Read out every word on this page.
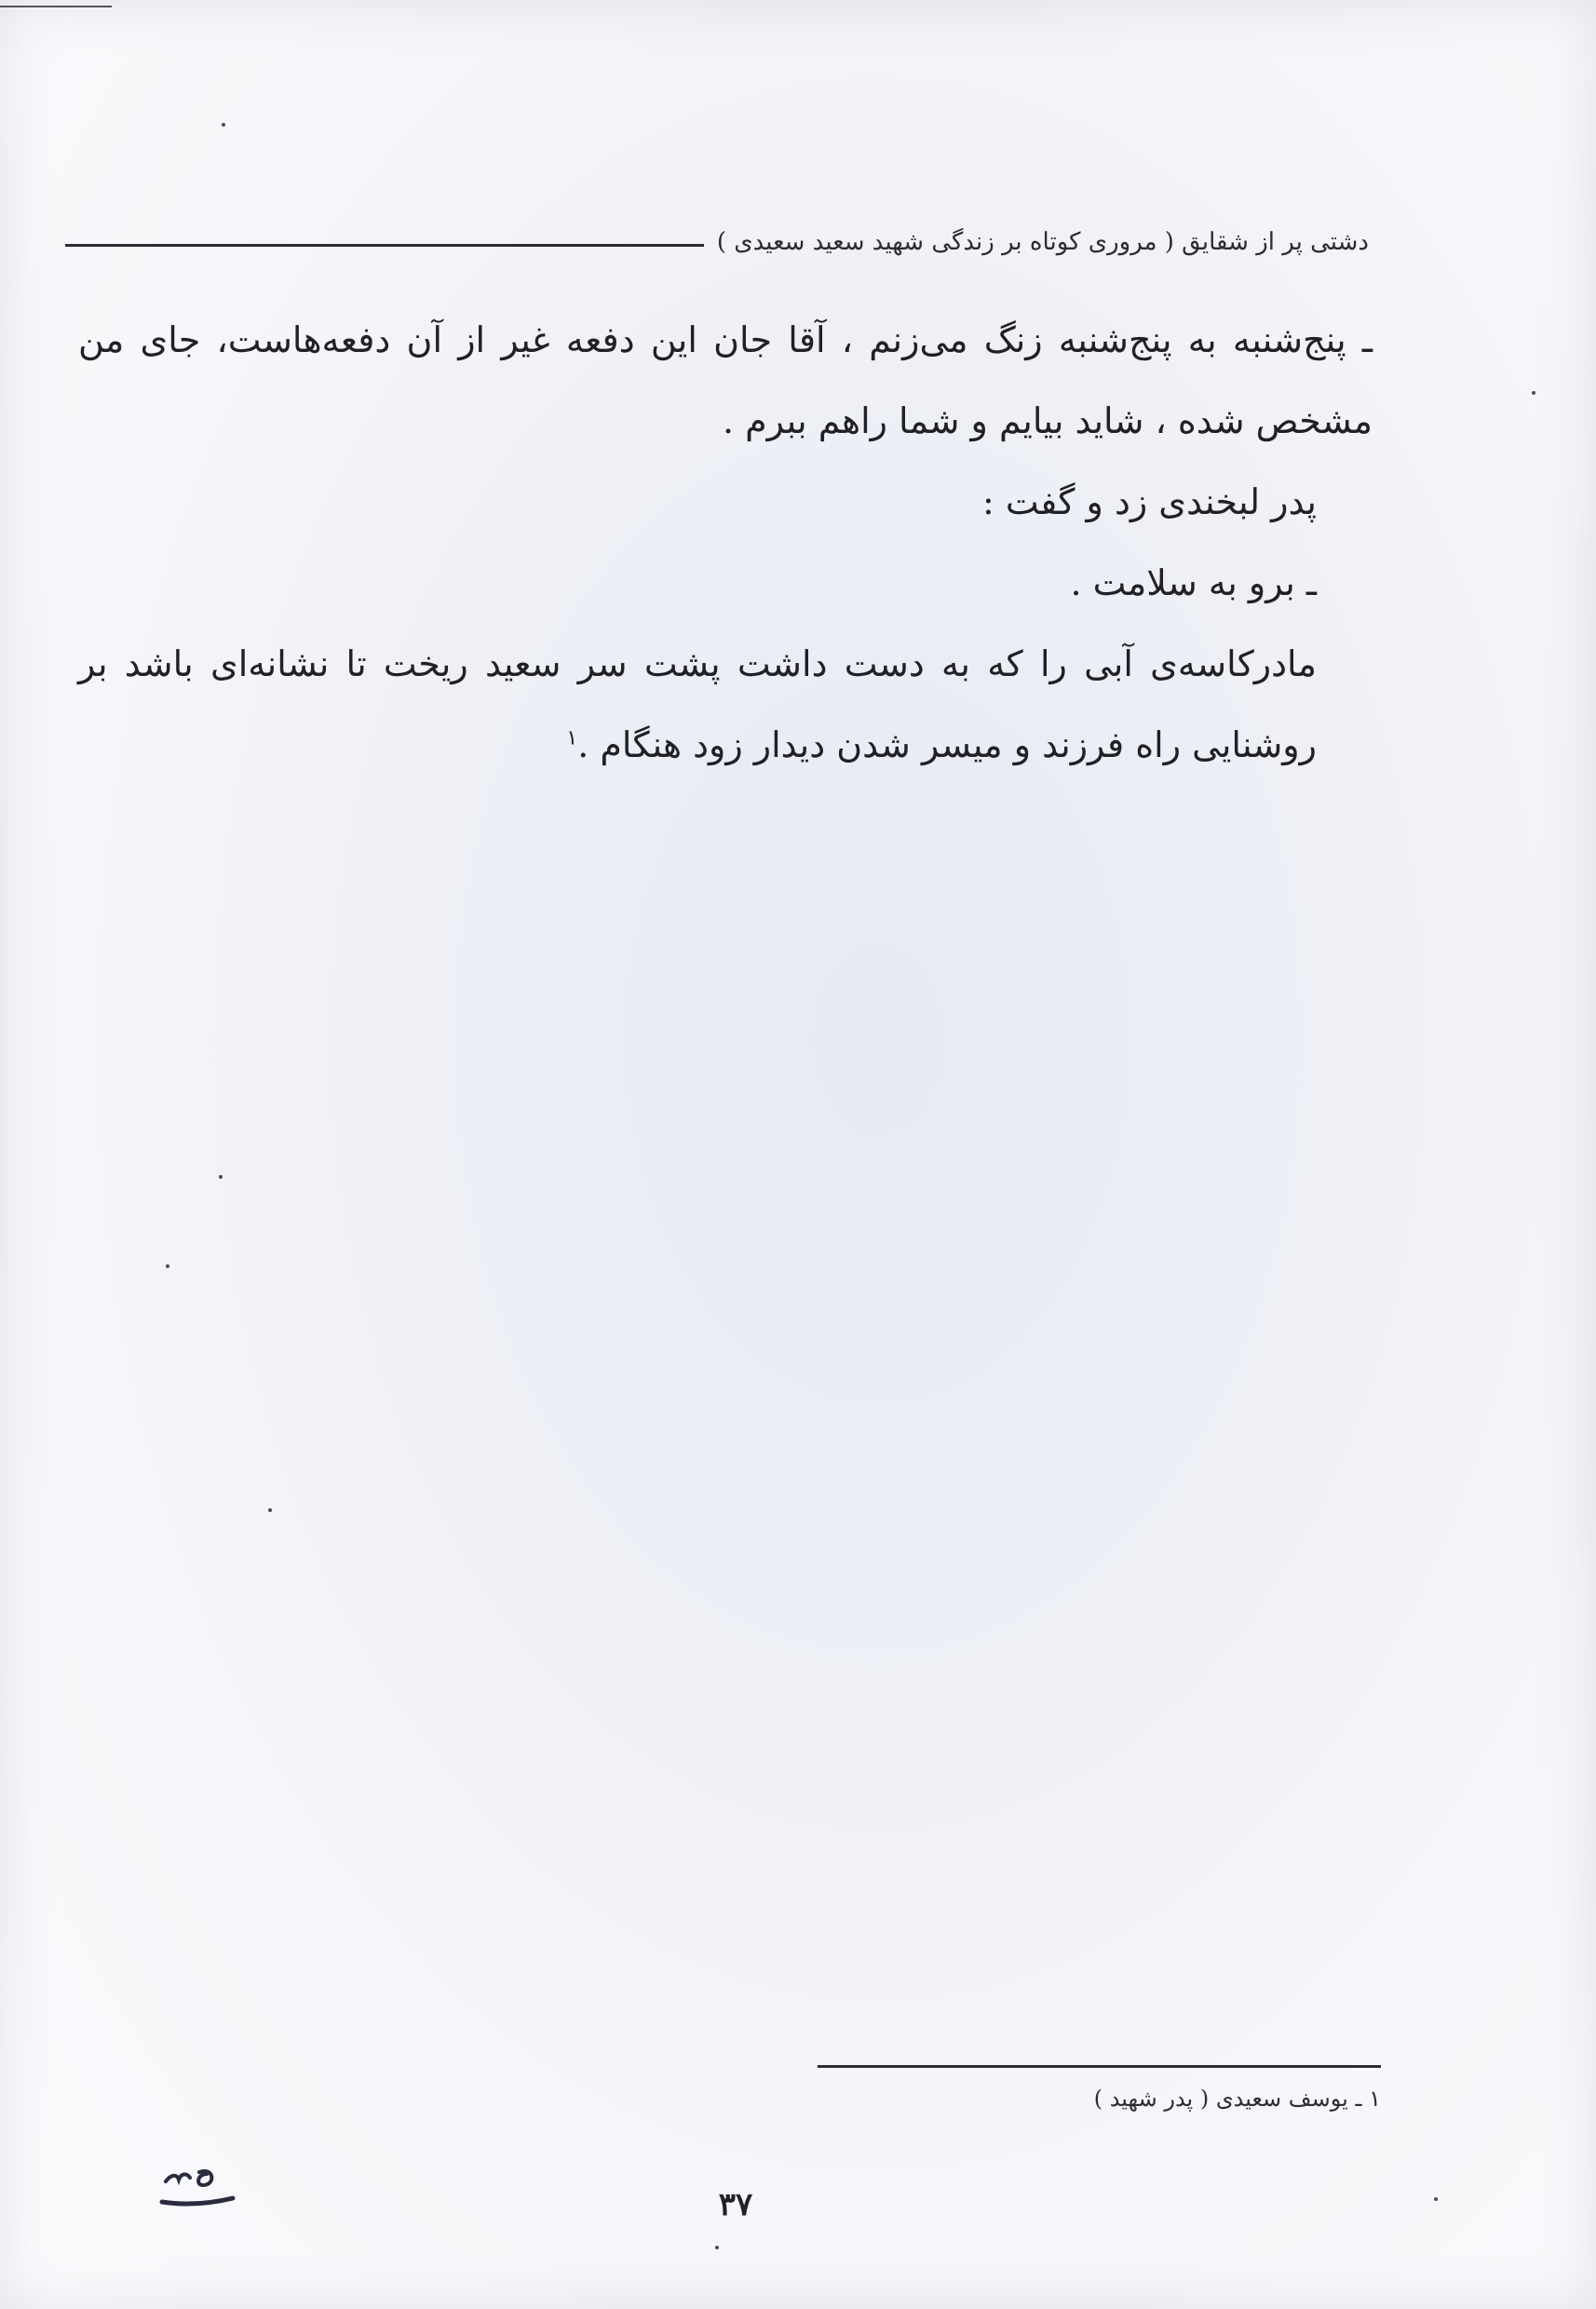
دشتی پر از شقایق ( مروری کوتاه بر زندگی شهید سعید سعیدی )

ـ پنج‌شنبه به پنج‌شنبه زنگ می‌زنم ، آقا جان این دفعه غیر از آن دفعه‌هاست، جای من مشخص شده ، شاید بیایم و شما راهم ببرم .

پدر لبخندی زد و گفت :

ـ برو به سلامت .

مادرکاسه‌ی آبی را که به دست داشت پشت سر سعید ریخت تا نشانه‌ای باشد بر روشنایی راه فرزند و میسر شدن دیدار زود هنگام .$^۱$

۱ ـ یوسف سعیدی ( پدر شهید )
۳۷
